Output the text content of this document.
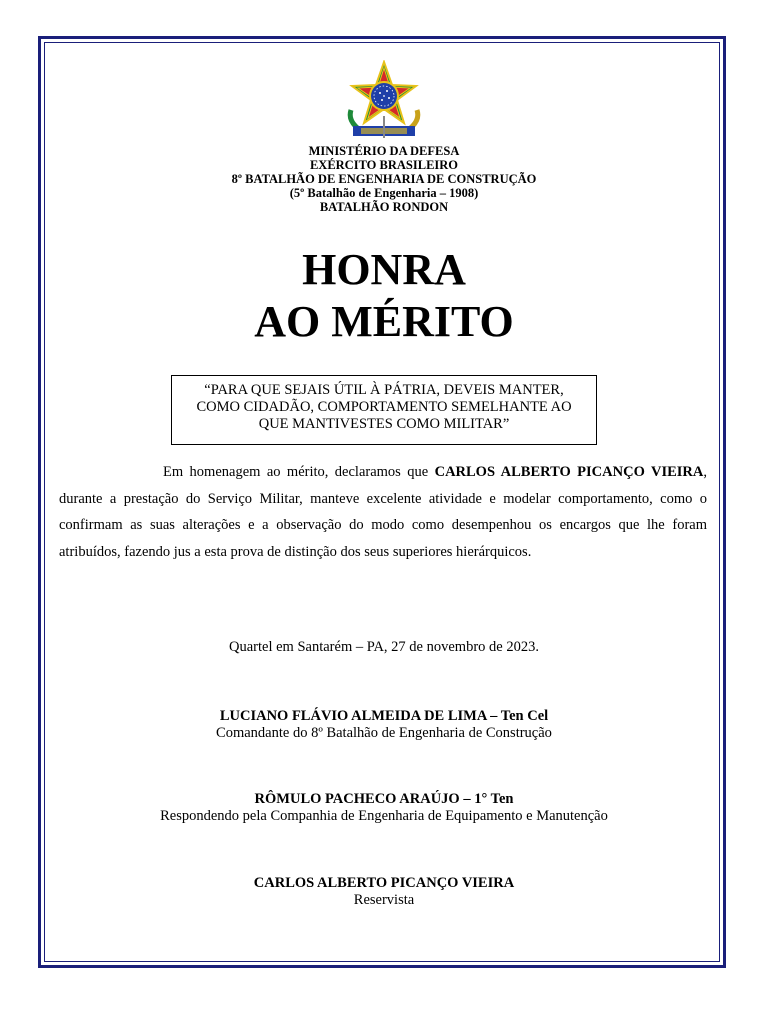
MINISTÉRIO DA DEFESA
EXÉRCITO BRASILEIRO
8º BATALHÃO DE ENGENHARIA DE CONSTRUÇÃO
(5º Batalhão de Engenharia – 1908)
BATALHÃO RONDON
HONRA
AO MÉRITO
“PARA QUE SEJAIS ÚTIL À PÁTRIA, DEVEIS MANTER,
COMO CIDADÃO, COMPORTAMENTO SEMELHANTE AO
QUE MANTIVESTES COMO MILITAR”
Em homenagem ao mérito, declaramos que CARLOS ALBERTO PICANÇO VIEIRA, durante a prestação do Serviço Militar, manteve excelente atividade e modelar comportamento, como o confirmam as suas alterações e a observação do modo como desempenhou os encargos que lhe foram atribuídos, fazendo jus a esta prova de distinção dos seus superiores hierárquicos.
Quartel em Santarém – PA, 27 de novembro de 2023.
LUCIANO FLÁVIO ALMEIDA DE LIMA – Ten Cel
Comandante do 8º Batalhão de Engenharia de Construção
RÔMULO PACHECO ARAÚJO – 1° Ten
Respondendo pela Companhia de Engenharia de Equipamento e Manutenção
CARLOS ALBERTO PICANÇO VIEIRA
Reservista
